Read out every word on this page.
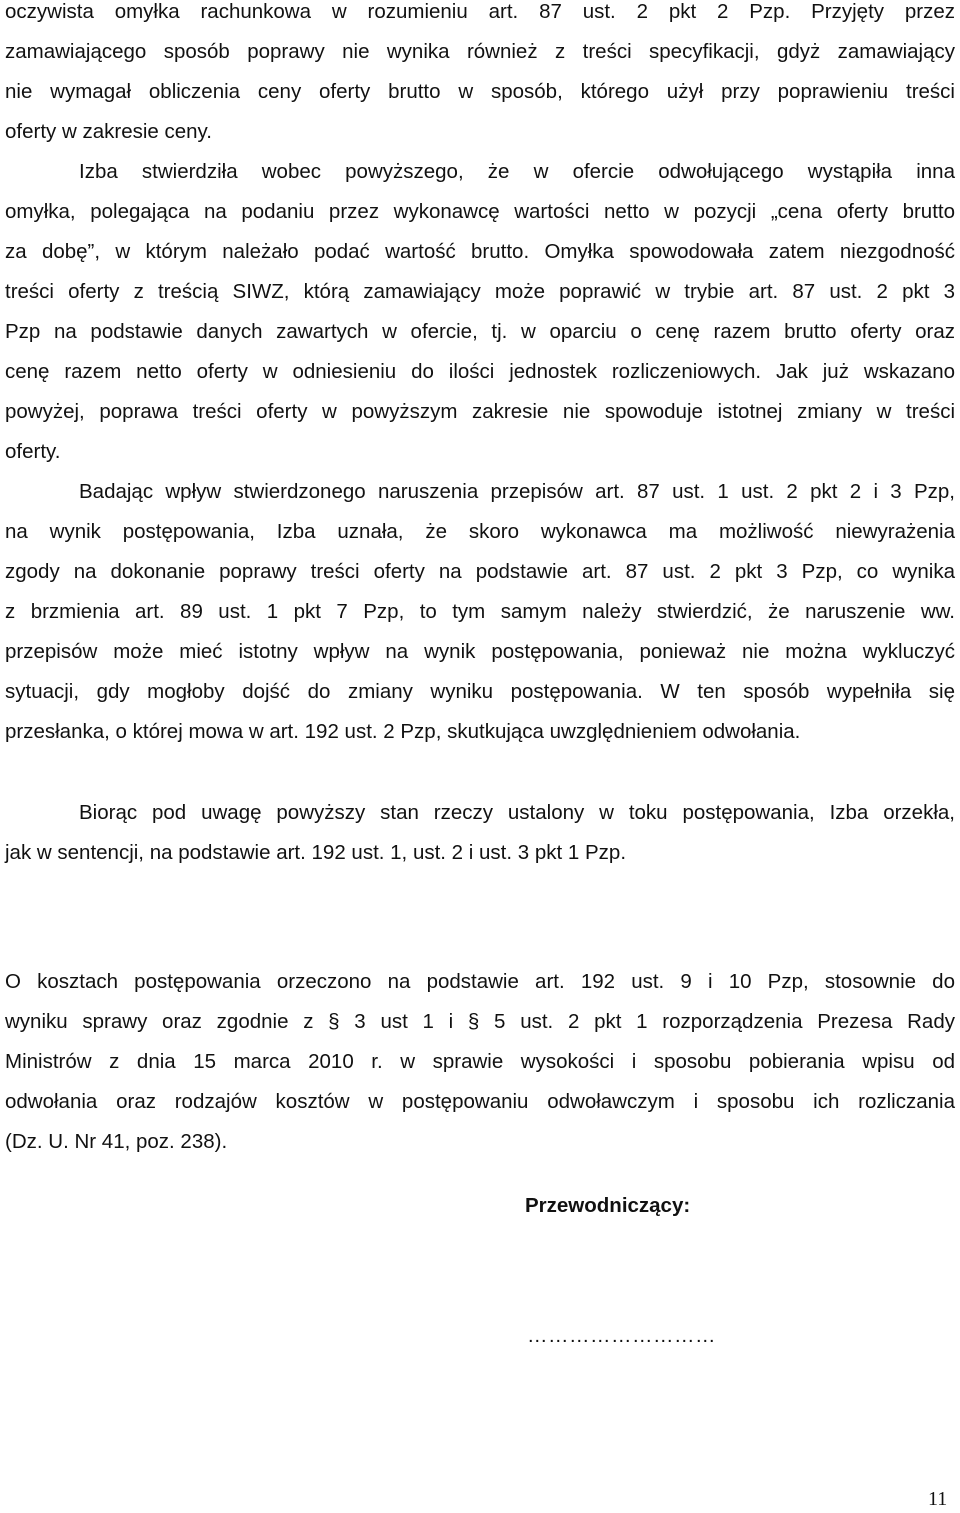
oczywista omyłka rachunkowa w rozumieniu art. 87 ust. 2 pkt 2 Pzp. Przyjęty przez

zamawiającego sposób poprawy nie wynika również z treści specyfikacji, gdyż zamawiający

nie wymagał obliczenia ceny oferty brutto w sposób, którego użył przy poprawieniu treści

oferty w zakresie ceny.

Izba stwierdziła wobec powyższego, że w ofercie odwołującego wystąpiła inna

omyłka, polegająca na podaniu przez wykonawcę wartości netto w pozycji „cena oferty brutto

za dobę”, w którym należało podać wartość brutto. Omyłka spowodowała zatem niezgodność

treści oferty z treścią SIWZ, którą zamawiający może poprawić w trybie art. 87 ust. 2 pkt 3

Pzp na podstawie danych zawartych w ofercie, tj. w oparciu o cenę razem brutto oferty oraz

cenę razem netto oferty w odniesieniu do ilości jednostek rozliczeniowych. Jak już wskazano

powyżej, poprawa treści oferty w powyższym zakresie nie spowoduje istotnej zmiany w treści

oferty.

Badając wpływ stwierdzonego naruszenia przepisów art. 87 ust. 1 ust. 2 pkt 2 i 3 Pzp,

na wynik postępowania, Izba uznała, że skoro wykonawca ma możliwość niewyrażenia

zgody na dokonanie poprawy treści oferty na podstawie art. 87 ust. 2 pkt 3 Pzp, co wynika

z brzmienia art. 89 ust. 1 pkt 7 Pzp, to tym samym należy stwierdzić, że naruszenie ww.

przepisów może mieć istotny wpływ na wynik postępowania, ponieważ nie można wykluczyć

sytuacji, gdy mogłoby dojść do zmiany wyniku postępowania. W ten sposób wypełniła się

przesłanka, o której mowa w art. 192 ust. 2 Pzp, skutkująca uwzględnieniem odwołania.

Biorąc pod uwagę powyższy stan rzeczy ustalony w toku postępowania, Izba orzekła,

jak w sentencji, na podstawie art. 192 ust. 1, ust. 2 i ust. 3 pkt 1 Pzp.

O kosztach postępowania orzeczono na podstawie art. 192 ust. 9 i 10 Pzp, stosownie do

wyniku sprawy oraz zgodnie z § 3 ust 1 i § 5 ust. 2 pkt 1 rozporządzenia Prezesa Rady

Ministrów z dnia 15 marca 2010 r. w sprawie wysokości i sposobu pobierania wpisu od

odwołania oraz rodzajów kosztów w postępowaniu odwoławczym i sposobu ich rozliczania

(Dz. U. Nr 41, poz. 238).

Przewodniczący:
………………………
11
